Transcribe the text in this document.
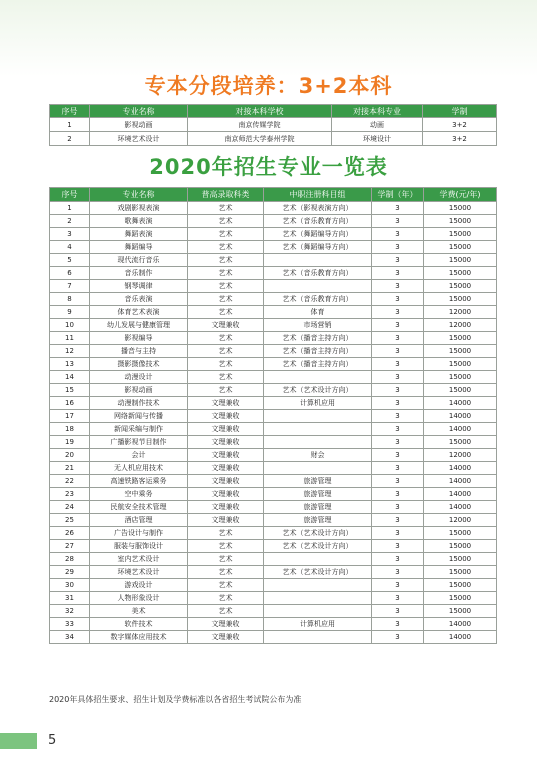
专本分段培养：3+2本科
序号	专业名称	对接本科学校	对接本科专业	学制
1	影视动画	南京传媒学院	动画	3+2
2	环境艺术设计	南京师范大学泰州学院	环境设计	3+2
2020年招生专业一览表
序号	专业名称	普高录取科类	中职注册科目组	学制（年）	学费(元/年)
1	戏剧影视表演	艺术	艺术（影视表演方向）	3	15000
2	歌舞表演	艺术	艺术（音乐教育方向）	3	15000
3	舞蹈表演	艺术	艺术（舞蹈编导方向）	3	15000
4	舞蹈编导	艺术	艺术（舞蹈编导方向）	3	15000
5	现代流行音乐	艺术		3	15000
6	音乐制作	艺术	艺术（音乐教育方向）	3	15000
7	钢琴调律	艺术		3	15000
8	音乐表演	艺术	艺术（音乐教育方向）	3	15000
9	体育艺术表演	艺术	体育	3	12000
10	幼儿发展与健康管理	文理兼收	市场营销	3	12000
11	影视编导	艺术	艺术（播音主持方向）	3	15000
12	播音与主持	艺术	艺术（播音主持方向）	3	15000
13	摄影摄像技术	艺术	艺术（播音主持方向）	3	15000
14	动漫设计	艺术		3	15000
15	影视动画	艺术	艺术（艺术设计方向）	3	15000
16	动漫制作技术	文理兼收	计算机应用	3	14000
17	网络新闻与传播	文理兼收		3	14000
18	新闻采编与制作	文理兼收		3	14000
19	广播影视节目制作	文理兼收		3	15000
20	会计	文理兼收	财会	3	12000
21	无人机应用技术	文理兼收		3	14000
22	高速铁路客运乘务	文理兼收	旅游管理	3	14000
23	空中乘务	文理兼收	旅游管理	3	14000
24	民航安全技术管理	文理兼收	旅游管理	3	14000
25	酒店管理	文理兼收	旅游管理	3	12000
26	广告设计与制作	艺术	艺术（艺术设计方向）	3	15000
27	服装与服饰设计	艺术	艺术（艺术设计方向）	3	15000
28	室内艺术设计	艺术		3	15000
29	环境艺术设计	艺术	艺术（艺术设计方向）	3	15000
30	游戏设计	艺术		3	15000
31	人物形象设计	艺术		3	15000
32	美术	艺术		3	15000
33	软件技术	文理兼收	计算机应用	3	14000
34	数字媒体应用技术	文理兼收		3	14000
2020年具体招生要求、招生计划及学费标准以各省招生考试院公布为准
5
